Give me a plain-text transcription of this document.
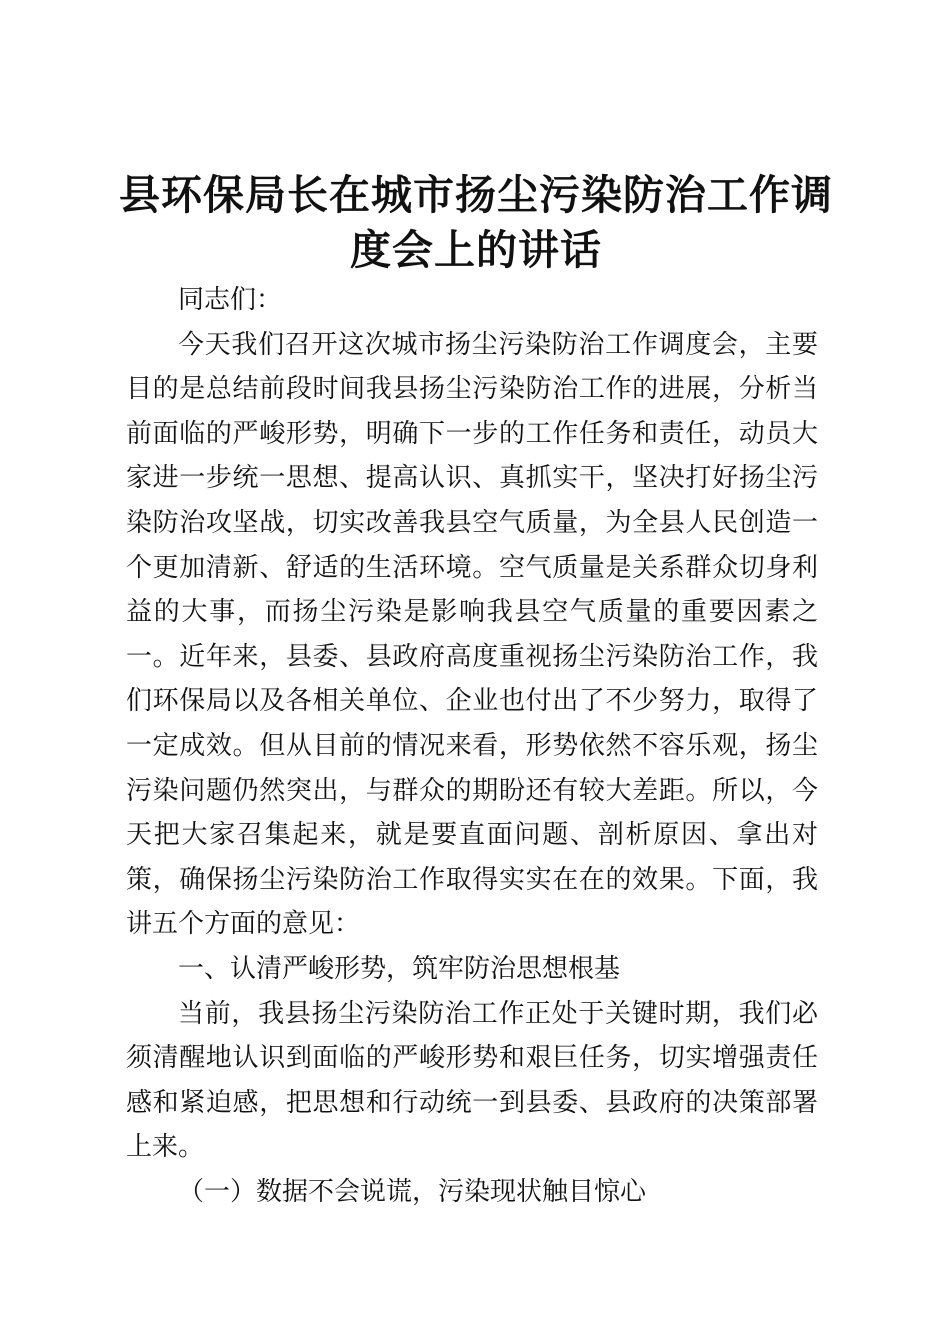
县环保局长在城市扬尘污染防治工作调度会上的讲话

同志们：

今天我们召开这次城市扬尘污染防治工作调度会，主要目的是总结前段时间我县扬尘污染防治工作的进展，分析当前面临的严峻形势，明确下一步的工作任务和责任，动员大家进一步统一思想、提高认识、真抓实干，坚决打好扬尘污染防治攻坚战，切实改善我县空气质量，为全县人民创造一个更加清新、舒适的生活环境。空气质量是关系群众切身利益的大事，而扬尘污染是影响我县空气质量的重要因素之一。近年来，县委、县政府高度重视扬尘污染防治工作，我们环保局以及各相关单位、企业也付出了不少努力，取得了一定成效。但从目前的情况来看，形势依然不容乐观，扬尘污染问题仍然突出，与群众的期盼还有较大差距。所以，今天把大家召集起来，就是要直面问题、剖析原因、拿出对策，确保扬尘污染防治工作取得实实在在的效果。下面，我讲五个方面的意见：

一、认清严峻形势，筑牢防治思想根基

当前，我县扬尘污染防治工作正处于关键时期，我们必须清醒地认识到面临的严峻形势和艰巨任务，切实增强责任感和紧迫感，把思想和行动统一到县委、县政府的决策部署上来。

（一）数据不会说谎，污染现状触目惊心
